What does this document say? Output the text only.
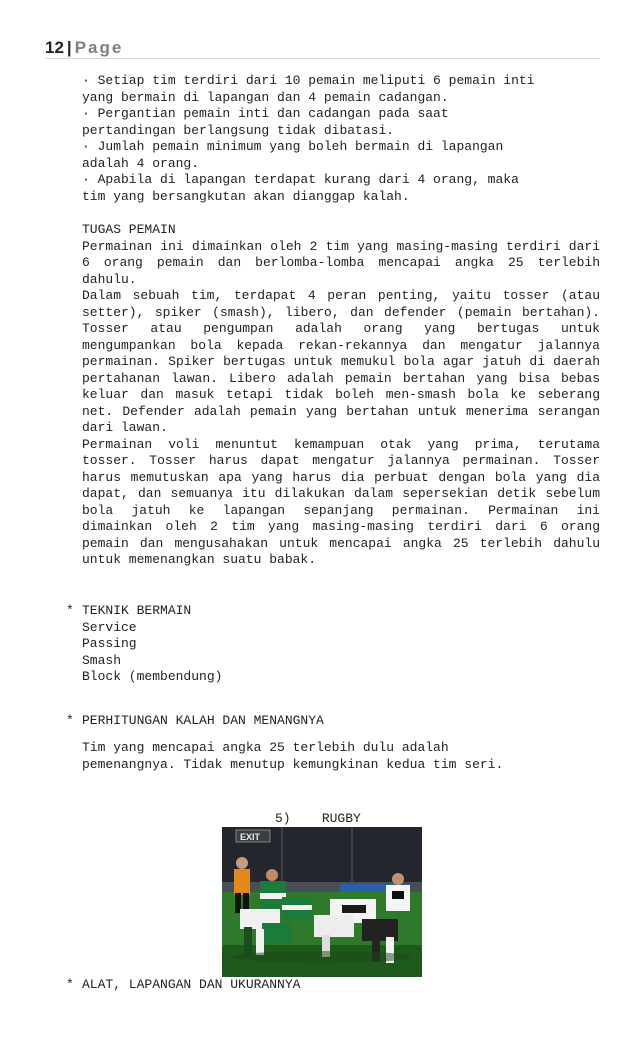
12 | Page
· Setiap tim terdiri dari 10 pemain meliputi 6 pemain inti
yang bermain di lapangan dan 4 pemain cadangan.
· Pergantian pemain inti dan cadangan pada saat
pertandingan berlangsung tidak dibatasi.
· Jumlah pemain minimum yang boleh bermain di lapangan
adalah 4 orang.
· Apabila di lapangan terdapat kurang dari 4 orang, maka
tim yang bersangkutan akan dianggap kalah.
TUGAS PEMAIN
Permainan ini dimainkan oleh 2 tim yang masing-masing terdiri dari 6 orang pemain dan berlomba-lomba mencapai angka 25 terlebih dahulu.
Dalam sebuah tim, terdapat 4 peran penting, yaitu tosser (atau setter), spiker (smash), libero, dan defender (pemain bertahan). Tosser atau pengumpan adalah orang yang bertugas untuk mengumpankan bola kepada rekan-rekannya dan mengatur jalannya permainan. Spiker bertugas untuk memukul bola agar jatuh di daerah pertahanan lawan. Libero adalah pemain bertahan yang bisa bebas keluar dan masuk tetapi tidak boleh men-smash bola ke seberang net. Defender adalah pemain yang bertahan untuk menerima serangan dari lawan.
Permainan voli menuntut kemampuan otak yang prima, terutama tosser. Tosser harus dapat mengatur jalannya permainan. Tosser harus memutuskan apa yang harus dia perbuat dengan bola yang dia dapat, dan semuanya itu dilakukan dalam sepersekian detik sebelum bola jatuh ke lapangan sepanjang permainan. Permainan ini dimainkan oleh 2 tim yang masing-masing terdiri dari 6 orang pemain dan mengusahakan untuk mencapai angka 25 terlebih dahulu untuk memenangkan suatu babak.
* TEKNIK BERMAIN
Service
Passing
Smash
Block (membendung)
* PERHITUNGAN KALAH DAN MENANGNYA
Tim yang mencapai angka 25 terlebih dulu adalah
pemenangnya. Tidak menutup kemungkinan kedua tim seri.
5) RUGBY
EXIT
* ALAT, LAPANGAN DAN UKURANNYA
